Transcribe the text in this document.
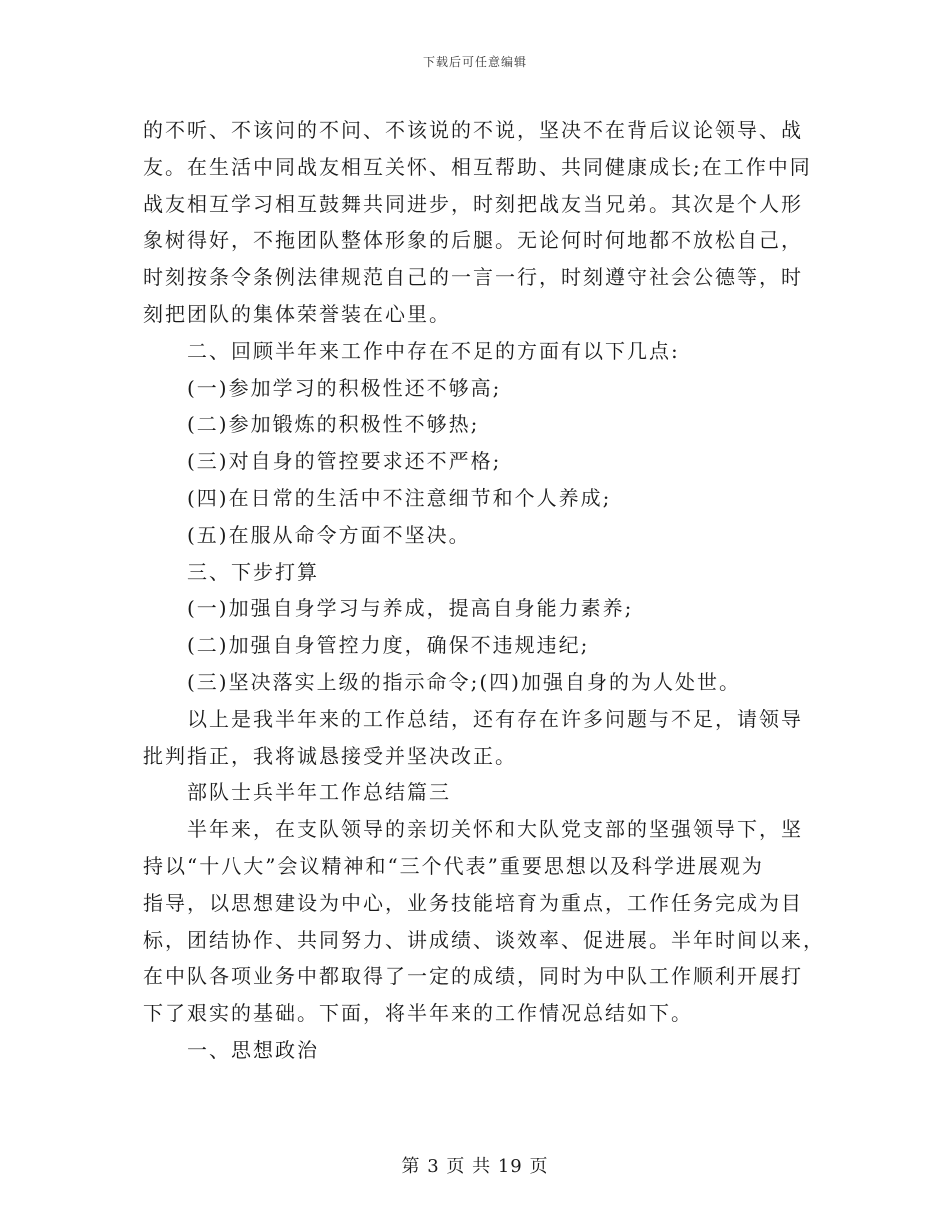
下载后可任意编辑
的不听、不该问的不问、不该说的不说，坚决不在背后议论领导、战
友。在生活中同战友相互关怀、相互帮助、共同健康成长;在工作中同
战友相互学习相互鼓舞共同进步，时刻把战友当兄弟。其次是个人形
象树得好，不拖团队整体形象的后腿。无论何时何地都不放松自己，
时刻按条令条例法律规范自己的一言一行，时刻遵守社会公德等，时
刻把团队的集体荣誉装在心里。
二、回顾半年来工作中存在不足的方面有以下几点:
(一)参加学习的积极性还不够高;
(二)参加锻炼的积极性不够热;
(三)对自身的管控要求还不严格;
(四)在日常的生活中不注意细节和个人养成;
(五)在服从命令方面不坚决。
三、下步打算
(一)加强自身学习与养成，提高自身能力素养;
(二)加强自身管控力度，确保不违规违纪;
(三)坚决落实上级的指示命令;(四)加强自身的为人处世。
以上是我半年来的工作总结，还有存在许多问题与不足，请领导
批判指正，我将诚恳接受并坚决改正。
部队士兵半年工作总结篇三
半年来，在支队领导的亲切关怀和大队党支部的坚强领导下，坚
持以“十八大”会议精神和“三个代表”重要思想以及科学进展观为
指导，以思想建设为中心，业务技能培育为重点，工作任务完成为目
标，团结协作、共同努力、讲成绩、谈效率、促进展。半年时间以来，
在中队各项业务中都取得了一定的成绩，同时为中队工作顺利开展打
下了艰实的基础。下面，将半年来的工作情况总结如下。
一、思想政治
第 3 页 共 19 页
